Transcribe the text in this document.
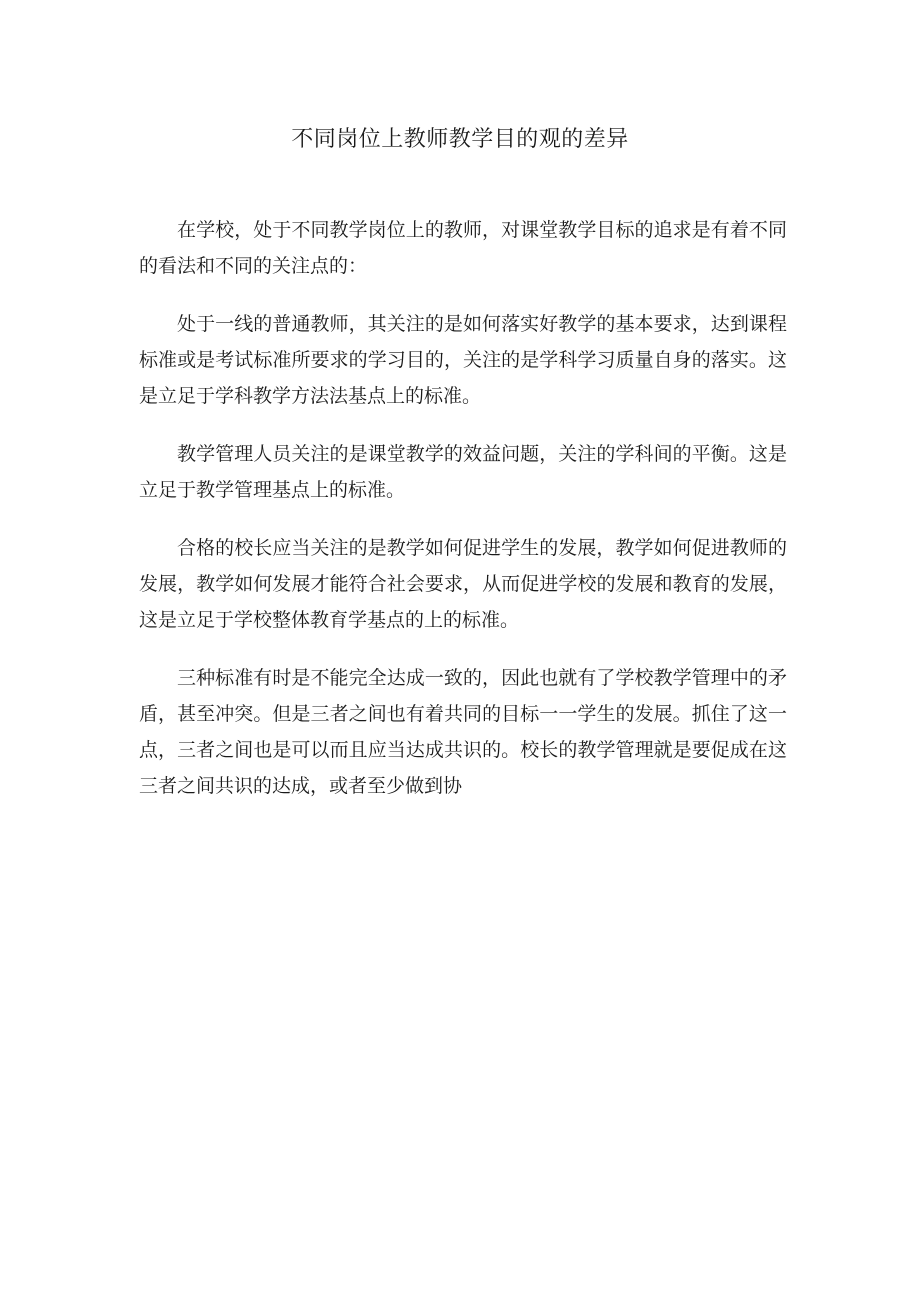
不同岗位上教师教学目的观的差异

在学校，处于不同教学岗位上的教师，对课堂教学目标的追求是有着不同的看法和不同的关注点的：

处于一线的普通教师，其关注的是如何落实好教学的基本要求，达到课程标准或是考试标准所要求的学习目的，关注的是学科学习质量自身的落实。这是立足于学科教学方法法基点上的标准。

教学管理人员关注的是课堂教学的效益问题，关注的学科间的平衡。这是立足于教学管理基点上的标准。

合格的校长应当关注的是教学如何促进学生的发展，教学如何促进教师的发展，教学如何发展才能符合社会要求，从而促进学校的发展和教育的发展，这是立足于学校整体教育学基点的上的标准。

三种标准有时是不能完全达成一致的，因此也就有了学校教学管理中的矛盾，甚至冲突。但是三者之间也有着共同的目标一一学生的发展。抓住了这一点，三者之间也是可以而且应当达成共识的。校长的教学管理就是要促成在这三者之间共识的达成，或者至少做到协
